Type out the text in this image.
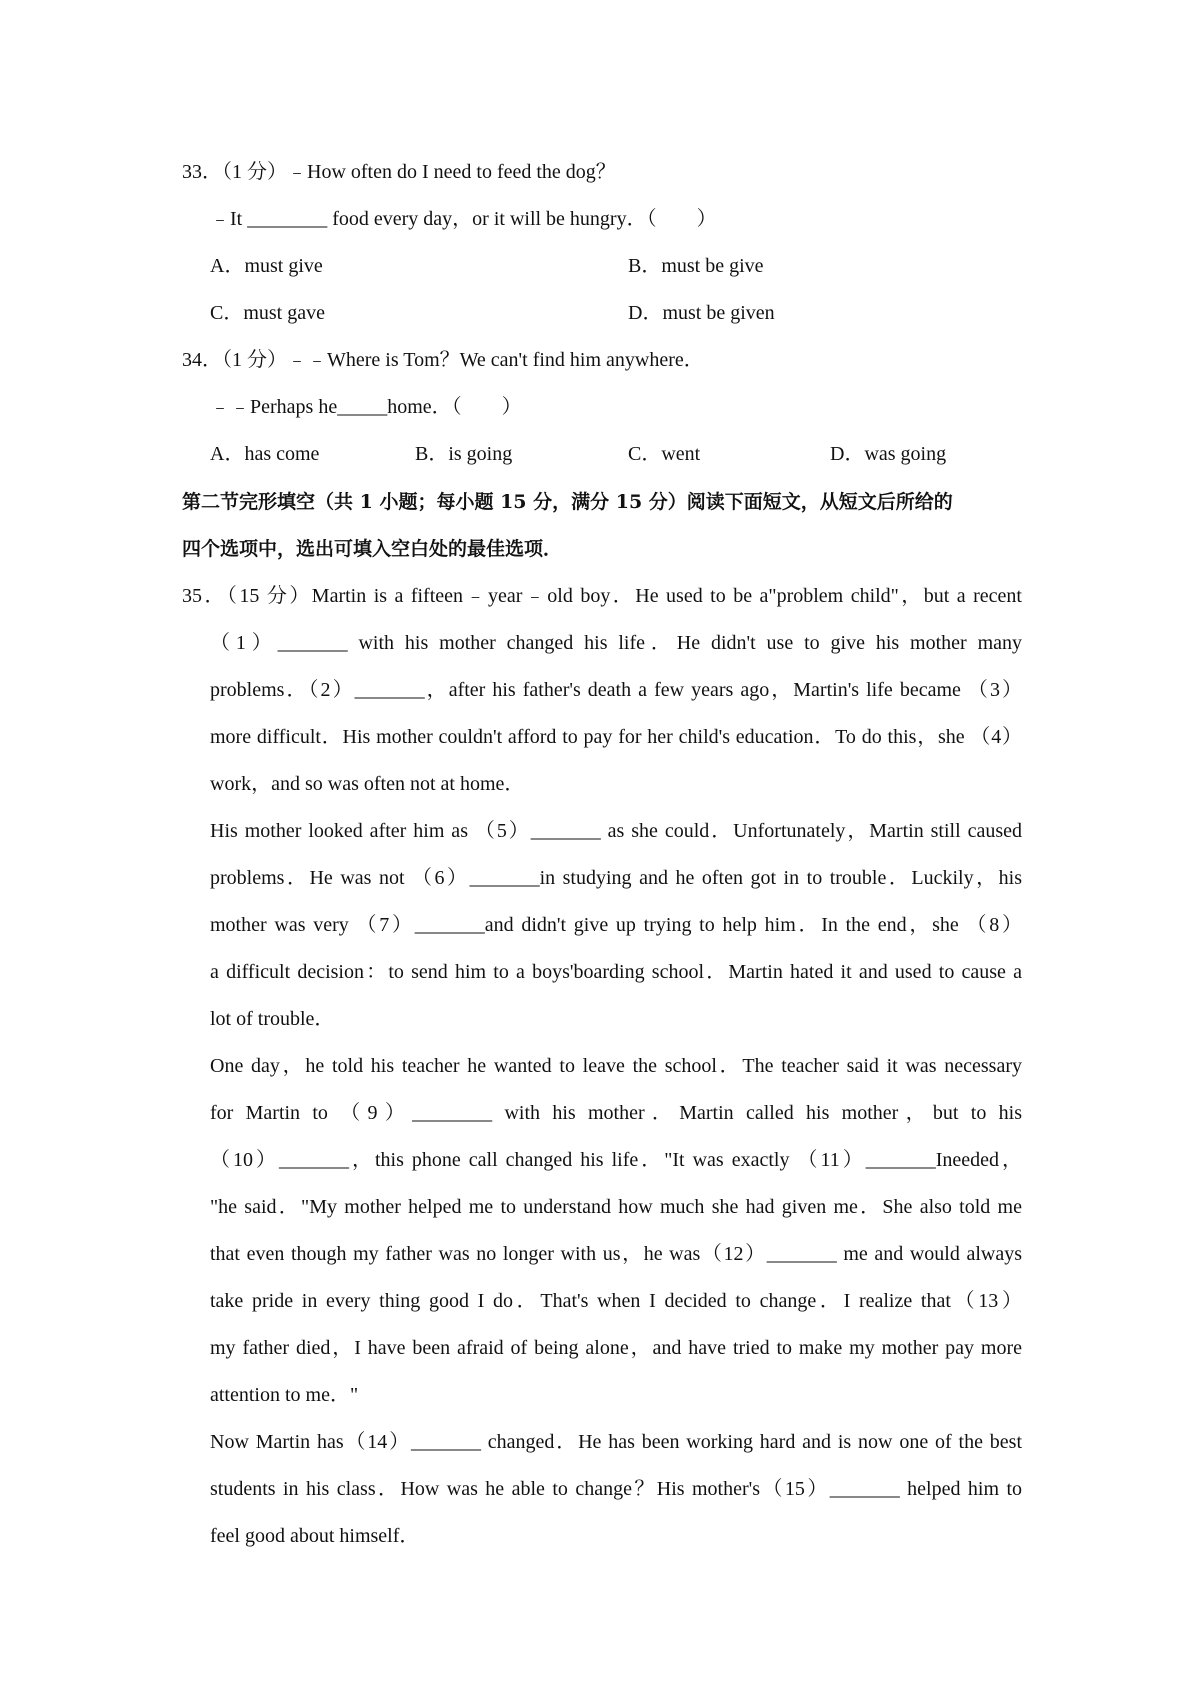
33．（1 分）﹣How often do I need to feed the dog？
﹣It ________ food every day，or it will be hungry．（　　）
A．must give	B．must be give
C．must gave	D．must be given
34．（1 分）﹣﹣Where is Tom？We can't find him anywhere．
﹣﹣Perhaps he_____home．（　　）
A．has come	B．is going	C．went	D．was going
第二节完形填空（共 1 小题；每小题 15 分，满分 15 分）阅读下面短文，从短文后所给的
四个选项中，选出可填入空白处的最佳选项．
35．（15 分）Martin is a fifteen﹣year﹣old boy．He used to be a"problem child"，but a recent
（1）_______ with his mother changed his life．He didn't use to give his mother many
problems．（2）_______，after his father's death a few years ago，Martin's life became （3）
more difficult．His mother couldn't afford to pay for her child's education．To do this，she （4）
work，and so was often not at home．
His mother looked after him as （5）_______ as she could．Unfortunately，Martin still caused
problems．He was not （6）_______in studying and he often got in to trouble．Luckily，his
mother was very （7）_______and didn't give up trying to help him．In the end，she （8）
a difficult decision：to send him to a boys'boarding school．Martin hated it and used to cause a
lot of trouble．
One day，he told his teacher he wanted to leave the school．The teacher said it was necessary
for Martin to （9）________ with his mother．Martin called his mother，but to his
（10）_______，this phone call changed his life．"It was exactly （11）_______Ineeded，
"he said．"My mother helped me to understand how much she had given me．She also told me
that even though my father was no longer with us，he was（12）_______ me and would always
take pride in every thing good I do．That's when I decided to change．I realize that（13）
my father died，I have been afraid of being alone，and have tried to make my mother pay more
attention to me．"
Now Martin has（14）_______ changed．He has been working hard and is now one of the best
students in his class．How was he able to change？His mother's（15）_______ helped him to
feel good about himself．
